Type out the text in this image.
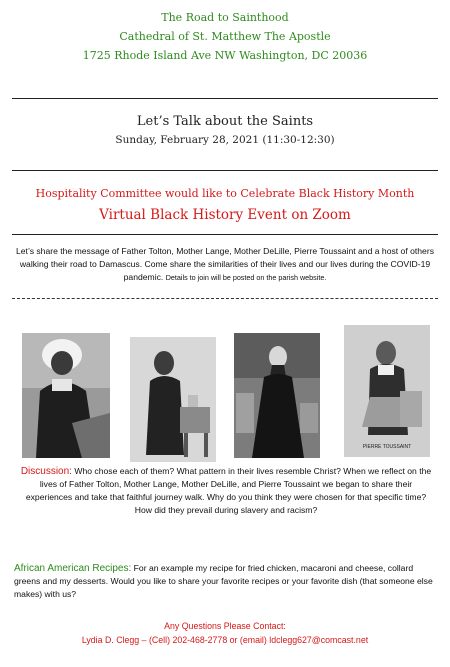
The Road to Sainthood
Cathedral of St. Matthew The Apostle
1725 Rhode Island Ave NW Washington, DC 20036
Let’s Talk about the Saints
Sunday, February 28, 2021 (11:30-12:30)
Hospitality Committee would like to Celebrate Black History Month
Virtual Black History Event on Zoom
Let’s share the message of Father Tolton, Mother Lange, Mother DeLille, Pierre Toussaint and a host of others walking their road to Damascus. Come share the similarities of their lives and our lives during the COVID-19 pandemic. Details to join will be posted on the parish website.
PIERRE TOUSSAINT
Discussion: Who chose each of them? What pattern in their lives resemble Christ? When we reflect on the lives of Father Tolton, Mother Lange, Mother DeLille, and Pierre Toussaint we began to share their experiences and take that faithful journey walk. Why do you think they were chosen for that specific time? How did they prevail during slavery and racism?
African American Recipes: For an example my recipe for fried chicken, macaroni and cheese, collard greens and my desserts. Would you like to share your favorite recipes or your favorite dish (that someone else makes) with us?
Any Questions Please Contact:
Lydia D. Clegg – (Cell) 202-468-2778 or (email) ldclegg627@comcast.net
